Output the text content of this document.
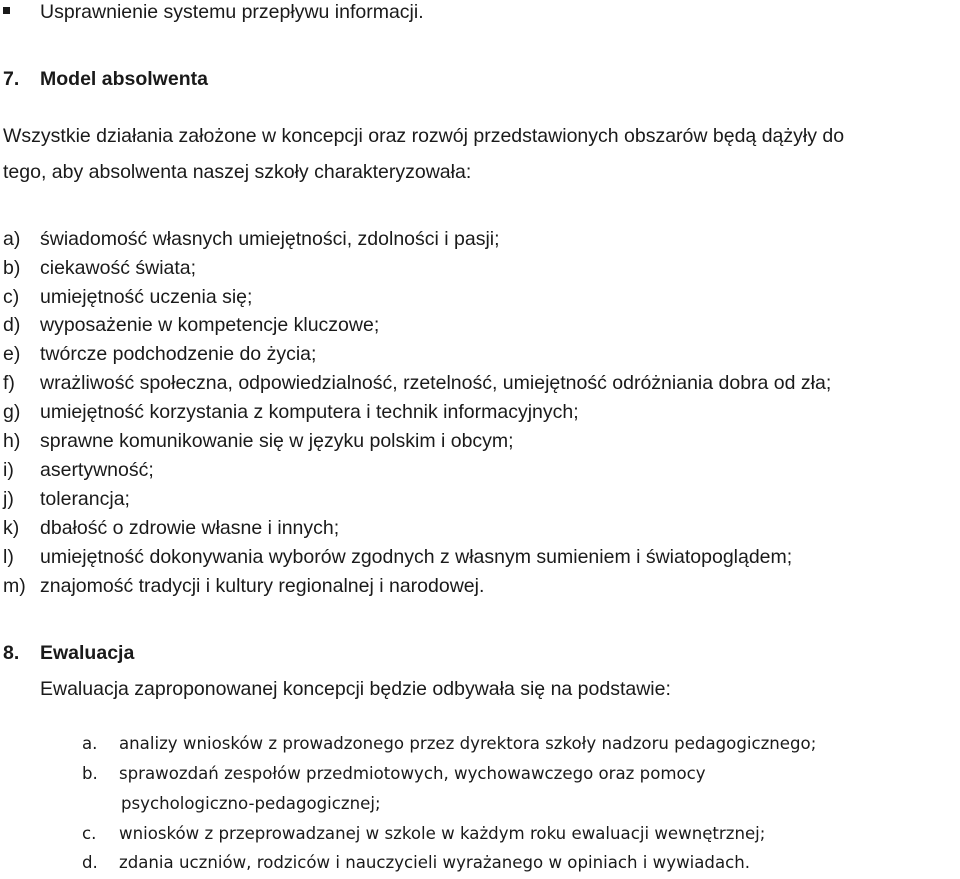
Usprawnienie systemu przepływu informacji.
7. Model absolwenta
Wszystkie działania założone w koncepcji oraz rozwój przedstawionych obszarów będą dążyły do
tego, aby absolwenta naszej szkoły charakteryzowała:
a) świadomość własnych umiejętności, zdolności i pasji;
b) ciekawość świata;
c) umiejętność uczenia się;
d) wyposażenie w kompetencje kluczowe;
e) twórcze podchodzenie do życia;
f) wrażliwość społeczna, odpowiedzialność, rzetelność, umiejętność odróżniania dobra od zła;
g) umiejętność korzystania z komputera i technik informacyjnych;
h) sprawne komunikowanie się w języku polskim i obcym;
i) asertywność;
j) tolerancja;
k) dbałość o zdrowie własne i innych;
l) umiejętność dokonywania wyborów zgodnych z własnym sumieniem i światopoglądem;
m) znajomość tradycji i kultury regionalnej i narodowej.
8. Ewaluacja
Ewaluacja zaproponowanej koncepcji będzie odbywała się na podstawie:
a. analizy wniosków z prowadzonego przez dyrektora szkoły nadzoru pedagogicznego;
b. sprawozdań zespołów przedmiotowych, wychowawczego oraz pomocy
psychologiczno-pedagogicznej;
c. wniosków z przeprowadzanej w szkole w każdym roku ewaluacji wewnętrznej;
d. zdania uczniów, rodziców i nauczycieli wyrażanego w opiniach i wywiadach.
